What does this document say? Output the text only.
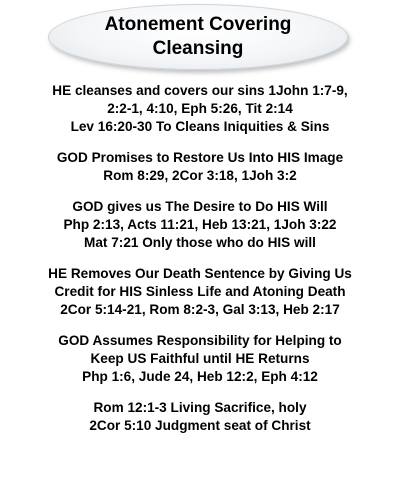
Atonement Covering
Cleansing
HE cleanses and covers our sins 1John 1:7-9,
2:2-1, 4:10, Eph 5:26, Tit 2:14
Lev 16:20-30 To Cleans Iniquities & Sins
GOD Promises to Restore Us Into HIS Image
Rom 8:29, 2Cor 3:18, 1Joh 3:2
GOD gives us The Desire to Do HIS Will
Php 2:13, Acts 11:21, Heb 13:21, 1Joh 3:22
Mat 7:21 Only those who do HIS will
HE Removes Our Death Sentence by Giving Us
Credit for HIS Sinless Life and Atoning Death
2Cor 5:14-21, Rom 8:2-3, Gal 3:13, Heb 2:17
GOD Assumes Responsibility for Helping to
Keep US Faithful until HE Returns
Php 1:6, Jude 24, Heb 12:2, Eph 4:12
Rom 12:1-3 Living Sacrifice, holy
2Cor 5:10 Judgment seat of Christ
